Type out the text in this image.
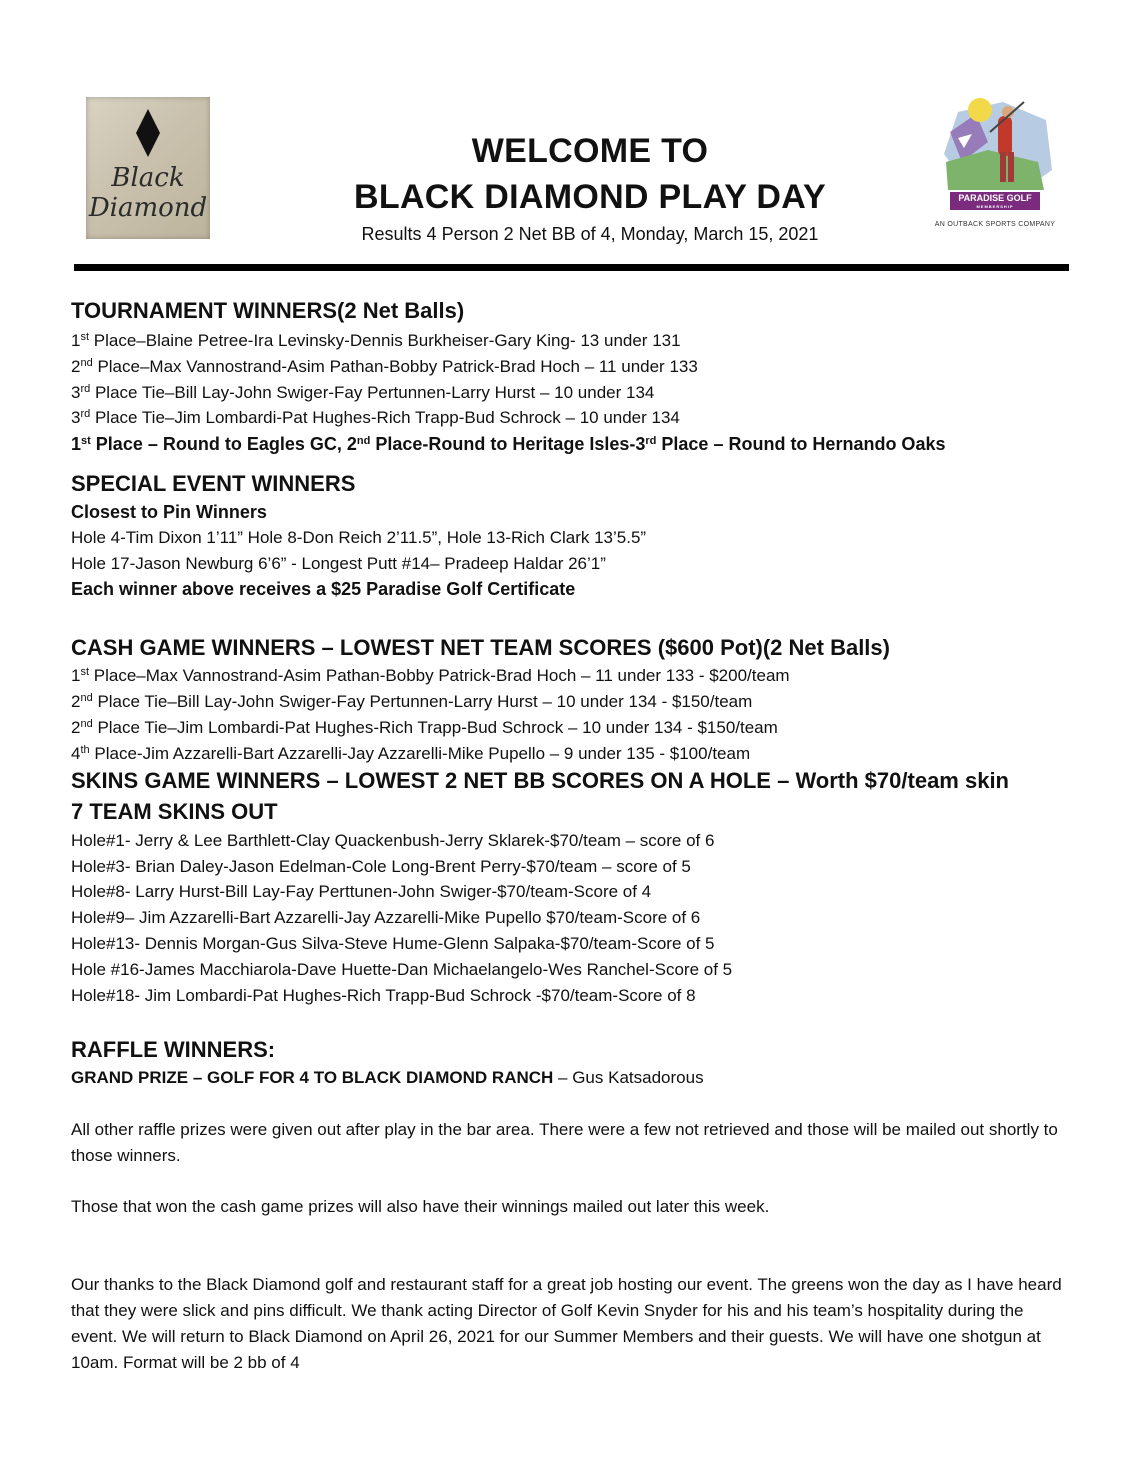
Black Diamond
WELCOME TO
BLACK DIAMOND PLAY DAY
Results 4 Person 2 Net BB of 4, Monday, March 15, 2021
PARADISE GOLF
MEMBERSHIP
AN OUTBACK SPORTS COMPANY
TOURNAMENT WINNERS(2 Net Balls)
1st Place–Blaine Petree-Ira Levinsky-Dennis Burkheiser-Gary King- 13 under 131
2nd Place–Max Vannostrand-Asim Pathan-Bobby Patrick-Brad Hoch – 11 under 133
3rd Place Tie–Bill Lay-John Swiger-Fay Pertunnen-Larry Hurst – 10 under 134
3rd Place Tie–Jim Lombardi-Pat Hughes-Rich Trapp-Bud Schrock – 10 under 134
1st Place – Round to Eagles GC, 2nd Place-Round to Heritage Isles-3rd Place – Round to Hernando Oaks
SPECIAL EVENT WINNERS
Closest to Pin Winners
Hole 4-Tim Dixon 1’11” Hole 8-Don Reich 2’11.5”, Hole 13-Rich Clark 13’5.5”
Hole 17-Jason Newburg 6’6” - Longest Putt #14– Pradeep Haldar 26’1”
Each winner above receives a $25 Paradise Golf Certificate
CASH GAME WINNERS – LOWEST NET TEAM SCORES ($600 Pot)(2 Net Balls)
1st Place–Max Vannostrand-Asim Pathan-Bobby Patrick-Brad Hoch – 11 under 133 - $200/team
2nd Place Tie–Bill Lay-John Swiger-Fay Pertunnen-Larry Hurst – 10 under 134 - $150/team
2nd Place Tie–Jim Lombardi-Pat Hughes-Rich Trapp-Bud Schrock – 10 under 134 - $150/team
4th Place-Jim Azzarelli-Bart Azzarelli-Jay Azzarelli-Mike Pupello – 9 under 135 - $100/team
SKINS GAME WINNERS – LOWEST 2 NET BB SCORES ON A HOLE – Worth $70/team skin
7 TEAM SKINS OUT
Hole#1- Jerry & Lee Barthlett-Clay Quackenbush-Jerry Sklarek-$70/team – score of 6
Hole#3- Brian Daley-Jason Edelman-Cole Long-Brent Perry-$70/team – score of 5
Hole#8- Larry Hurst-Bill Lay-Fay Perttunen-John Swiger-$70/team-Score of 4
Hole#9– Jim Azzarelli-Bart Azzarelli-Jay Azzarelli-Mike Pupello $70/team-Score of 6
Hole#13- Dennis Morgan-Gus Silva-Steve Hume-Glenn Salpaka-$70/team-Score of 5
Hole #16-James Macchiarola-Dave Huette-Dan Michaelangelo-Wes Ranchel-Score of 5
Hole#18- Jim Lombardi-Pat Hughes-Rich Trapp-Bud Schrock -$70/team-Score of 8
RAFFLE WINNERS:
GRAND PRIZE – GOLF FOR 4 TO BLACK DIAMOND RANCH – Gus Katsadorous
All other raffle prizes were given out after play in the bar area. There were a few not retrieved and those will be mailed out shortly to those winners.
Those that won the cash game prizes will also have their winnings mailed out later this week.
Our thanks to the Black Diamond golf and restaurant staff for a great job hosting our event. The greens won the day as I have heard that they were slick and pins difficult. We thank acting Director of Golf Kevin Snyder for his and his team’s hospitality during the event. We will return to Black Diamond on April 26, 2021 for our Summer Members and their guests. We will have one shotgun at 10am. Format will be 2 bb of 4
